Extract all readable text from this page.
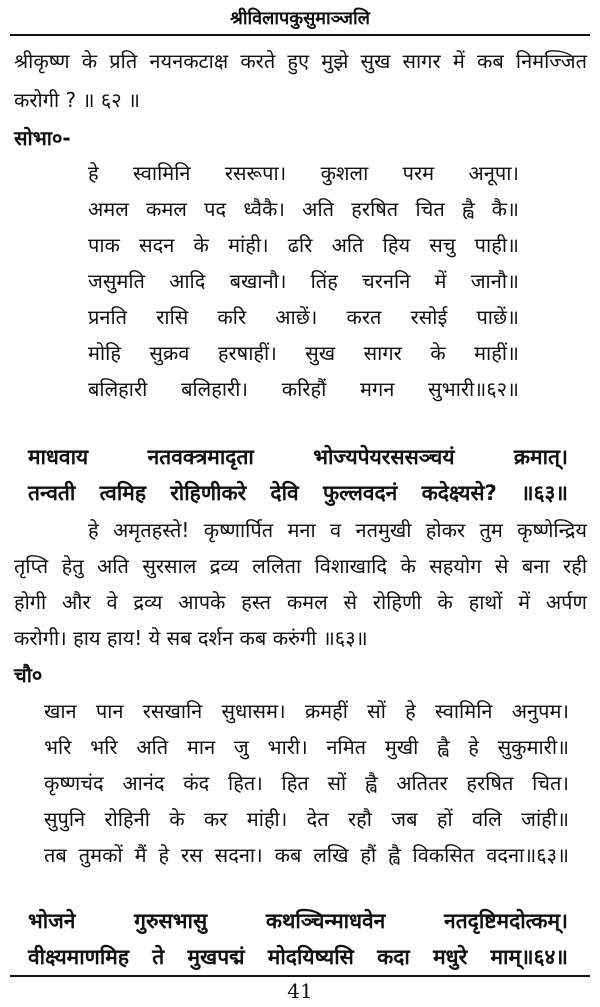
श्रीविलापकुसुमाञ्जलि
श्रीकृष्ण के प्रति नयनकटाक्ष करते हुए मुझे सुख सागर में कब निमज्जित
करोगी ? ॥ ६२ ॥
सोभा०-
हे स्वामिनि रसरूपा। कुशला परम अनूपा।
अमल कमल पद ध्वैकै। अति हरषित चित ह्वै कै॥
पाक सदन के मांही। ढरि अति हिय सचु पाही॥
जसुमति आदि बखानौ। तिंह चरननि में जानौ॥
प्रनति रासि करि आछें। करत रसोई पाछें॥
मोहि सुक्रव हरषाहीं। सुख सागर के माहीं॥
बलिहारी बलिहारी। करिहौं मगन सुभारी॥६२॥
माधवाय नतवक्त्रमादृता भोज्यपेयरससञ्चयं क्रमात्।
तन्वती त्वमिह रोहिणीकरे देवि फुल्लवदनं कदेक्ष्यसे? ॥६३॥
हे अमृतहस्ते! कृष्णार्पित मना व नतमुखी होकर तुम कृष्णेन्द्रिय
तृप्ति हेतु अति सुरसाल द्रव्य ललिता विशाखादि के सहयोग से बना रही
होगी और वे द्रव्य आपके हस्त कमल से रोहिणी के हाथों में अर्पण
करोगी। हाय हाय! ये सब दर्शन कब करुंगी ॥६३॥
चौ०
खान पान रसखानि सुधासम। क्रमहीं सों हे स्वामिनि अनुपम।
भरि भरि अति मान जु भारी। नमित मुखी ह्वै हे सुकुमारी॥
कृष्णचंद आनंद कंद हित। हित सों ह्वै अतितर हरषित चित।
सुपुनि रोहिनी के कर मांही। देत रहौ जब हों वलि जांही॥
तब तुमकों मैं हे रस सदना। कब लखि हौं ह्वै विकसित वदना॥६३॥
भोजने गुरुसभासु कथञ्चिन्माधवेन नतदृष्टिमदोत्कम्।
वीक्ष्यमाणमिह ते मुखपद्मं मोदयिष्यसि कदा मधुरे माम्॥६४॥
41
